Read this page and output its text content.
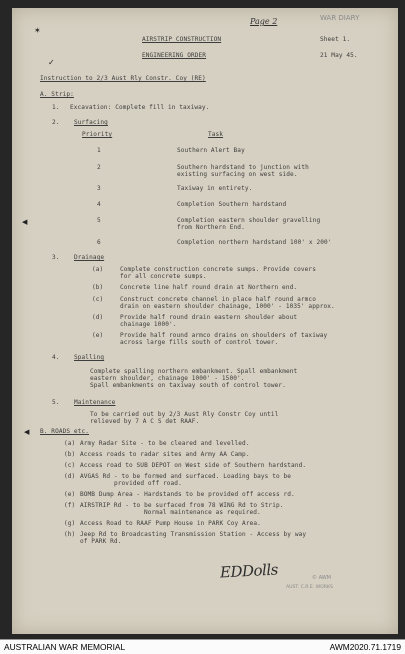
Page 2	WAR DIARY
✶
✓
◀
◀
AIRSTRIP CONSTRUCTION	Sheet 1.
ENGINEERING ORDER	21 May 45.
Instruction to 2/3 Aust Rly Constr. Coy (RE)
A. Strip:
1. Excavation: Complete fill in taxiway.
2. Surfacing
Priority	Task
1	Southern Alert Bay
2	Southern hardstand to junction with
existing surfacing on west side.
3	Taxiway in entirety.
4	Completion Southern hardstand
5	Completion eastern shoulder gravelling
from Northern End.
6	Completion northern hardstand 100' x 200'
3. Drainage
(a)	Complete construction concrete sumps. Provide covers
for all concrete sumps.
(b)	Concrete line half round drain at Northern end.
(c)	Construct concrete channel in place half round armco
drain on eastern shoulder chainage, 1000' - 1035' approx.
(d)	Provide half round drain eastern shoulder about
chainage 1000'.
(e)	Provide half round armco drains on shoulders of taxiway
across large fills south of control tower.
4. Spalling
Complete spalling northern embankment. Spall embankment
eastern shoulder, chainage 1000' - 1500'.
Spall embankments on taxiway south of control tower.
5. Maintenance
To be carried out by 2/3 Aust Rly Constr Coy until
relieved by 7 A C S det RAAF.
B. ROADS etc.
(a) Army Radar Site - to be cleared and levelled.
(b) Access roads to radar sites and Army AA Camp.
(c) Access road to SUB DEPOT on West side of Southern hardstand.
(d) AVGAS Rd - to be formed and surfaced. Loading bays to be
provided off road.
(e) BOMB Dump Area - Hardstands to be provided off access rd.
(f) AIRSTRIP Rd - to be surfaced from 78 WING Rd to Strip.
Normal maintenance as required.
(g) Access Road to RAAF Pump House in PARK Coy Area.
(h) Jeep Rd to Broadcasting Transmission Station - Access by way
of PARK Rd.
EDDolls	© AWM
AUST. C.R.E. WORKS
AUSTRALIAN WAR MEMORIAL	AWM2020.71.1719
